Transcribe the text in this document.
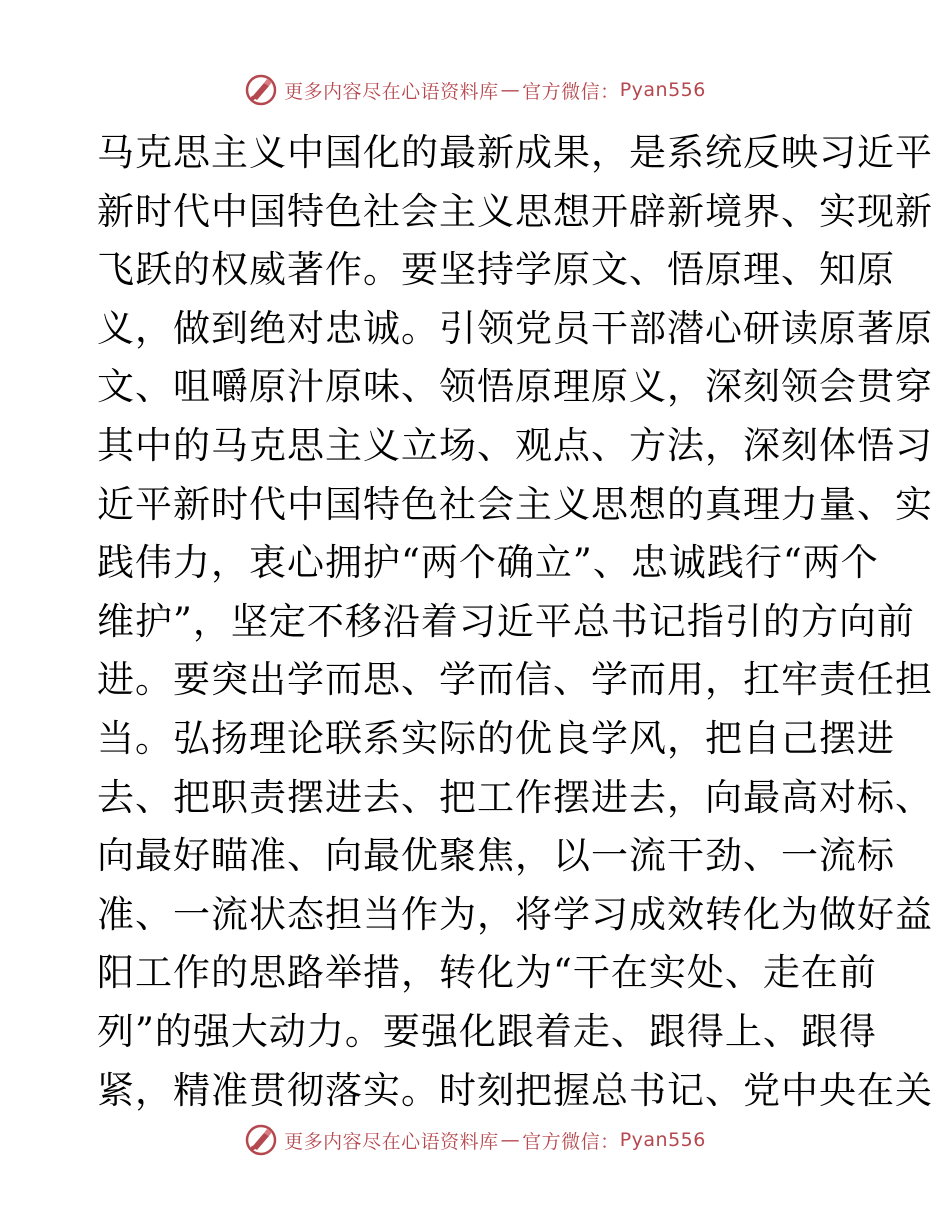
更多内容尽在心语资料库 — 官方微信： Pyan556
马克思主义中国化的最新成果，是系统反映习近平
新时代中国特色社会主义思想开辟新境界、实现新
飞跃的权威著作。要坚持学原文、悟原理、知原
义，做到绝对忠诚。引领党员干部潜心研读原著原
文、咀嚼原汁原味、领悟原理原义，深刻领会贯穿
其中的马克思主义立场、观点、方法，深刻体悟习
近平新时代中国特色社会主义思想的真理力量、实
践伟力，衷心拥护“两个确立”、忠诚践行“两个
维护”，坚定不移沿着习近平总书记指引的方向前
进。要突出学而思、学而信、学而用，扛牢责任担
当。弘扬理论联系实际的优良学风，把自己摆进
去、把职责摆进去、把工作摆进去，向最高对标、
向最好瞄准、向最优聚焦，以一流干劲、一流标
准、一流状态担当作为，将学习成效转化为做好益
阳工作的思路举措，转化为“干在实处、走在前
列”的强大动力。要强化跟着走、跟得上、跟得
紧，精准贯彻落实。时刻把握总书记、党中央在关
更多内容尽在心语资料库 — 官方微信： Pyan556
